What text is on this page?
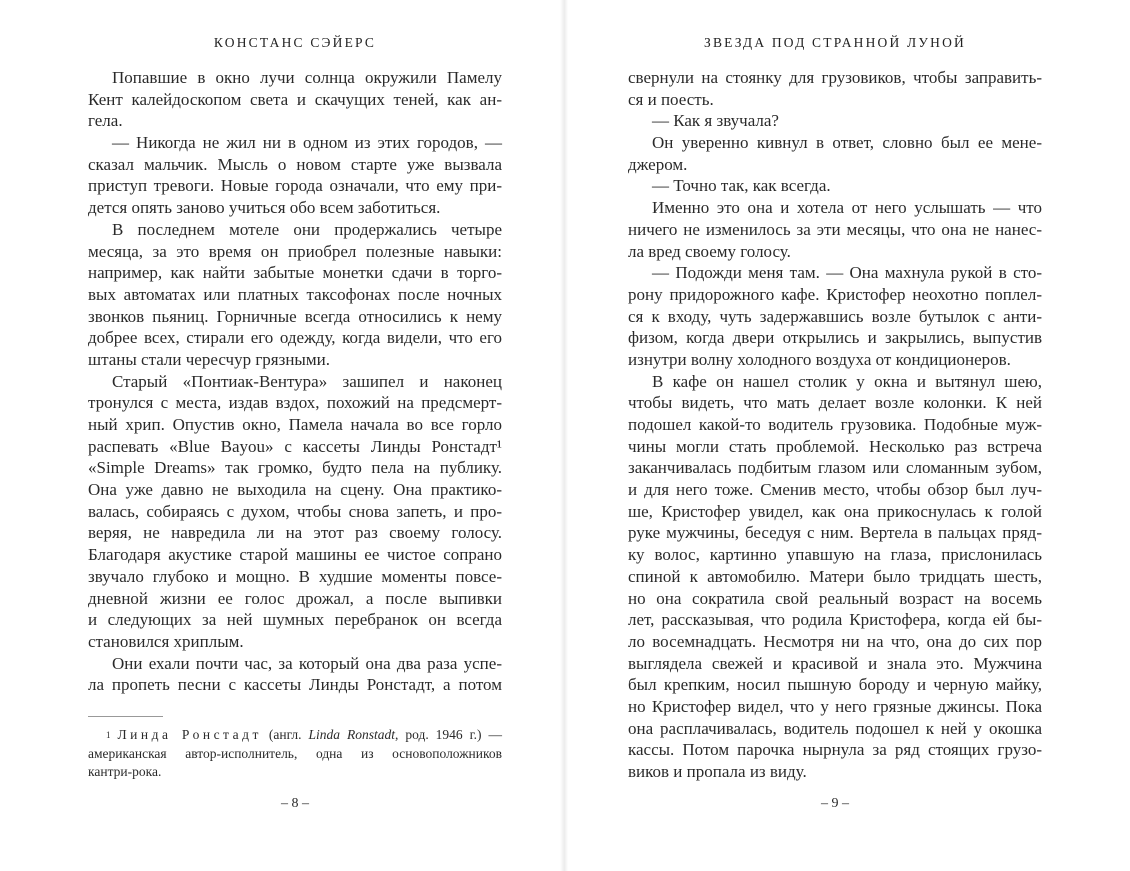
КОНСТАНС СЭЙЕРС
Попавшие в окно лучи солнца окружили Памелу
Кент калейдоскопом света и скачущих теней, как ан-
гела.
— Никогда не жил ни в одном из этих городов, —
сказал мальчик. Мысль о новом старте уже вызвала
приступ тревоги. Новые города означали, что ему при-
дется опять заново учиться обо всем заботиться.
В последнем мотеле они продержались четыре
месяца, за это время он приобрел полезные навыки:
например, как найти забытые монетки сдачи в торго-
вых автоматах или платных таксофонах после ночных
звонков пьяниц. Горничные всегда относились к нему
добрее всех, стирали его одежду, когда видели, что его
штаны стали чересчур грязными.
Старый «Понтиак-Вентура» зашипел и наконец
тронулся с места, издав вздох, похожий на предсмерт-
ный хрип. Опустив окно, Памела начала во все горло
распевать «Blue Bayou» с кассеты Линды Ронстадт¹
«Simple Dreams» так громко, будто пела на публику.
Она уже давно не выходила на сцену. Она практико-
валась, собираясь с духом, чтобы снова запеть, и про-
веряя, не навредила ли на этот раз своему голосу.
Благодаря акустике старой машины ее чистое сопрано
звучало глубоко и мощно. В худшие моменты повсе-
дневной жизни ее голос дрожал, а после выпивки
и следующих за ней шумных перебранок он всегда
становился хриплым.
Они ехали почти час, за который она два раза успе-
ла пропеть песни с кассеты Линды Ронстадт, а потом
$^1$ Линда Ронстадт (англ. Linda Ronstadt, род. 1946 г.) —
американская автор-исполнитель, одна из основоположников
кантри-рока.
– 8 –
ЗВЕЗДА ПОД СТРАННОЙ ЛУНОЙ
свернули на стоянку для грузовиков, чтобы заправить-
ся и поесть.
— Как я звучала?
Он уверенно кивнул в ответ, словно был ее мене-
джером.
— Точно так, как всегда.
Именно это она и хотела от него услышать — что
ничего не изменилось за эти месяцы, что она не нанес-
ла вред своему голосу.
— Подожди меня там. — Она махнула рукой в сто-
рону придорожного кафе. Кристофер неохотно поплел-
ся к входу, чуть задержавшись возле бутылок с анти-
физом, когда двери открылись и закрылись, выпустив
изнутри волну холодного воздуха от кондиционеров.
В кафе он нашел столик у окна и вытянул шею,
чтобы видеть, что мать делает возле колонки. К ней
подошел какой-то водитель грузовика. Подобные муж-
чины могли стать проблемой. Несколько раз встреча
заканчивалась подбитым глазом или сломанным зубом,
и для него тоже. Сменив место, чтобы обзор был луч-
ше, Кристофер увидел, как она прикоснулась к голой
руке мужчины, беседуя с ним. Вертела в пальцах пряд-
ку волос, картинно упавшую на глаза, прислонилась
спиной к автомобилю. Матери было тридцать шесть,
но она сократила свой реальный возраст на восемь
лет, рассказывая, что родила Кристофера, когда ей бы-
ло восемнадцать. Несмотря ни на что, она до сих пор
выглядела свежей и красивой и знала это. Мужчина
был крепким, носил пышную бороду и черную майку,
но Кристофер видел, что у него грязные джинсы. Пока
она расплачивалась, водитель подошел к ней у окошка
кассы. Потом парочка нырнула за ряд стоящих грузо-
виков и пропала из виду.
– 9 –
